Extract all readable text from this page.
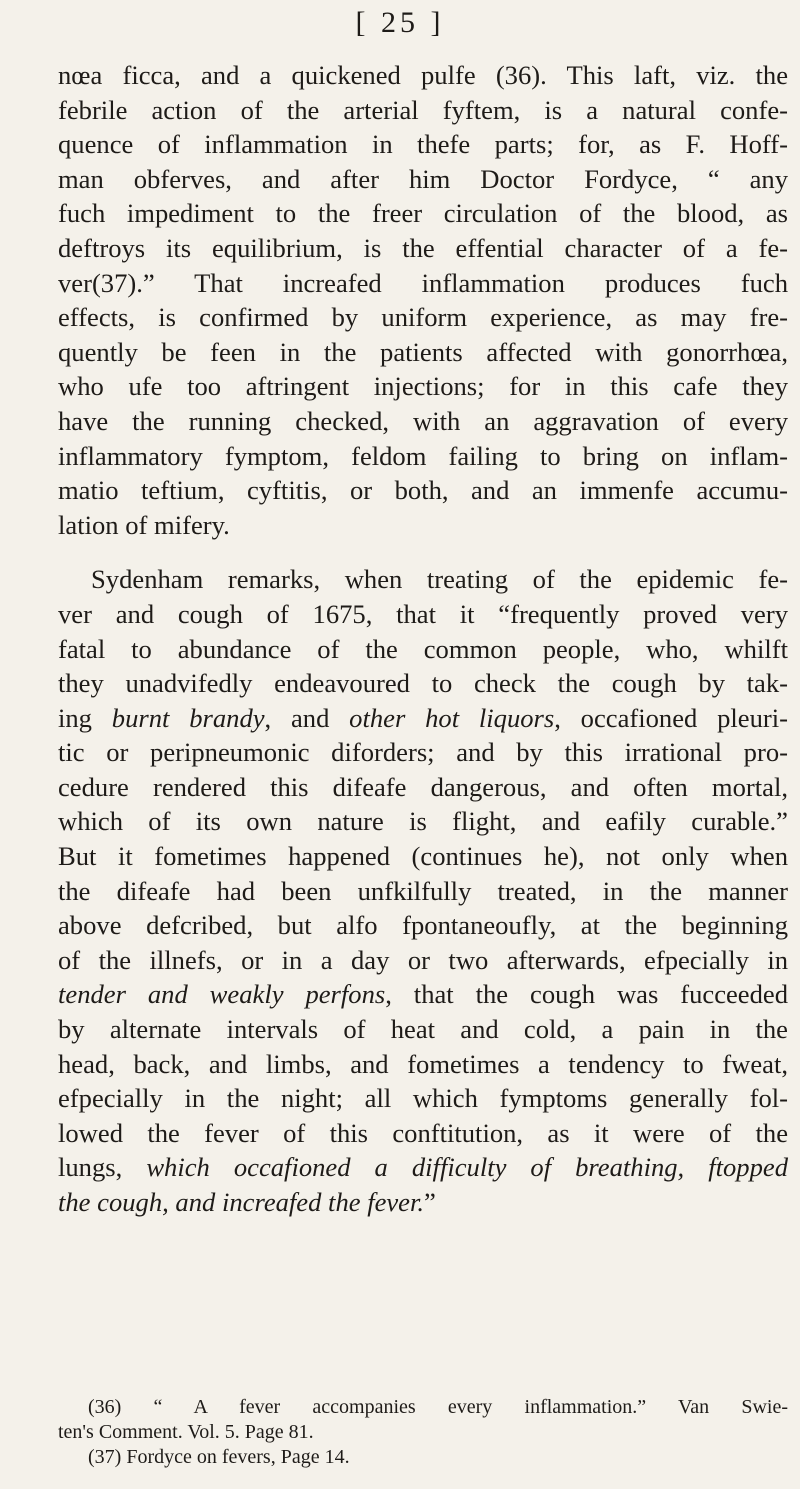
[ 25 ]
nœa ficca, and a quickened pulfe (36). This laft, viz. the
febrile action of the arterial fyftem, is a natural confe-
quence of inflammation in thefe parts; for, as F. Hoff-
man obferves, and after him Doctor Fordyce, “ any
fuch impediment to the freer circulation of the blood, as
deftroys its equilibrium, is the effential character of a fe-
ver(37).” That increafed inflammation produces fuch
effects, is confirmed by uniform experience, as may fre-
quently be feen in the patients affected with gonorrhœa,
who ufe too aftringent injections; for in this cafe they
have the running checked, with an aggravation of every
inflammatory fymptom, feldom failing to bring on inflam-
matio teftium, cyftitis, or both, and an immenfe accumu-
lation of mifery.
Sydenham remarks, when treating of the epidemic fe-
ver and cough of 1675, that it “frequently proved very
fatal to abundance of the common people, who, whilft
they unadvifedly endeavoured to check the cough by tak-
ing burnt brandy, and other hot liquors, occafioned pleuri-
tic or peripneumonic diforders; and by this irrational pro-
cedure rendered this difeafe dangerous, and often mortal,
which of its own nature is flight, and eafily curable.”
But it fometimes happened (continues he), not only when
the difeafe had been unfkilfully treated, in the manner
above defcribed, but alfo fpontaneoufly, at the beginning
of the illnefs, or in a day or two afterwards, efpecially in
tender and weakly perfons, that the cough was fucceeded
by alternate intervals of heat and cold, a pain in the
head, back, and limbs, and fometimes a tendency to fweat,
efpecially in the night; all which fymptoms generally fol-
lowed the fever of this conftitution, as it were of the
lungs, which occafioned a difficulty of breathing, ftopped
the cough, and increafed the fever.”
(36) “ A fever accompanies every inflammation.” Van Swie-
ten's Comment. Vol. 5. Page 81.
(37) Fordyce on fevers, Page 14.
